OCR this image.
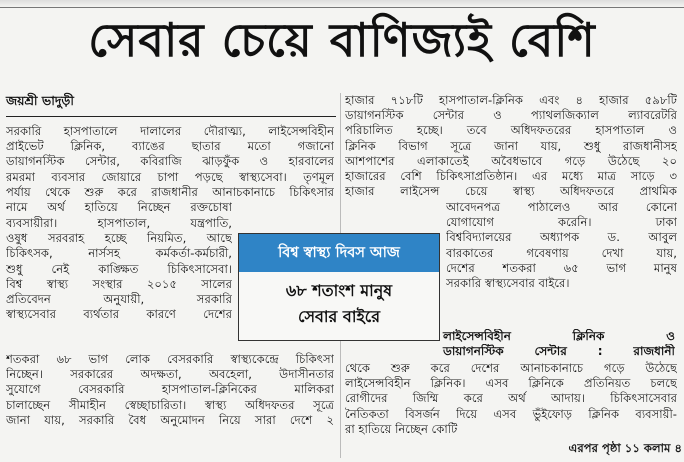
সেবার চেয়ে বাণিজ্যই বেশি
জয়শ্রী ভাদুড়ী
সরকারি হাসপাতালে দালালের দৌরাত্ম্য, লাইসেন্সবিহীন
প্রাইভেট ক্লিনিক, ব্যাঙের ছাতার মতো গজানো
ডায়াগনস্টিক সেন্টার, কবিরাজি ঝাড়ফুঁক ও হারবালের
রমরমা ব্যবসার জোয়ারে চাপা পড়ছে স্বাস্থ্যসেবা। তৃণমূল
পর্যায় থেকে শুরু করে রাজধানীর আনাচকানাচে চিকিৎসার
নামে অর্থ হাতিয়ে নিচ্ছেন রক্তচোষা
ব্যবসায়ীরা। হাসপাতাল, যন্ত্রপাতি,
ওষুধ সরবরাহ হচ্ছে নিয়মিত, আছে
চিকিৎসক, নার্সসহ কর্মকর্তা-কর্মচারী,
শুধু নেই কাঙ্ক্ষিত চিকিৎসাসেবা।
বিশ্ব স্বাস্থ্য সংস্থার ২০১৫ সালের
প্রতিবেদন অনুযায়ী, সরকারি
স্বাস্থ্যসেবার ব্যর্থতার কারণে দেশের
শতকরা ৬৮ ভাগ লোক বেসরকারি স্বাস্থ্যকেন্দ্রে চিকিৎসা
নিচ্ছেন। সরকারের অদক্ষতা, অবহেলা, উদাসীনতার
সুযোগে বেসরকারি হাসপাতাল-ক্লিনিকের মালিকরা
চালাচ্ছেন সীমাহীন স্বেচ্ছাচারিতা। স্বাস্থ্য অধিদফতর সূত্রে
জানা যায়, সরকারি বৈধ অনুমোদন নিয়ে সারা দেশে ২
হাজার ৭১৮টি হাসপাতাল-ক্লিনিক এবং ৪ হাজার ৫৯৮টি
ডায়াগনস্টিক সেন্টার ও প্যাথলজিক্যাল ল্যাবরেটরি
পরিচালিত হচ্ছে। তবে অধিদফতরের হাসপাতাল ও
ক্লিনিক বিভাগ সূত্রে জানা যায়, শুধু রাজধানীসহ
আশপাশের এলাকাতেই অবৈধভাবে গড়ে উঠেছে ২০
হাজারের বেশি চিকিৎসাপ্রতিষ্ঠান। এর মধ্যে মাত্র সাড়ে ৩
হাজার লাইসেন্স চেয়ে স্বাস্থ্য অধিদফতরে প্রাথমিক
আবেদনপত্র পাঠালেও আর কোনো
যোগাযোগ করেনি। ঢাকা
বিশ্ববিদ্যালয়ের অধ্যাপক ড. আবুল
বারকাতের গবেষণায় দেখা যায়,
দেশের শতকরা ৬৫ ভাগ মানুষ
সরকারি স্বাস্থ্যসেবার বাইরে।
লাইসেন্সবিহীন ক্লিনিক ও
ডায়াগনস্টিক সেন্টার : রাজধানী
থেকে শুরু করে দেশের আনাচকানাচে গড়ে উঠেছে
লাইসেন্সবিহীন ক্লিনিক। এসব ক্লিনিকে প্রতিনিয়ত চলছে
রোগীদের জিম্মি করে অর্থ আদায়। চিকিৎসাসেবার
নৈতিকতা বিসর্জন দিয়ে এসব ভুঁইফোড় ক্লিনিক ব্যবসায়ী-
রা হাতিয়ে নিচ্ছেন কোটি
এরপর পৃষ্ঠা ১১ কলাম ৪
বিশ্ব স্বাস্থ্য দিবস আজ
৬৮ শতাংশ মানুষ
সেবার বাইরে
